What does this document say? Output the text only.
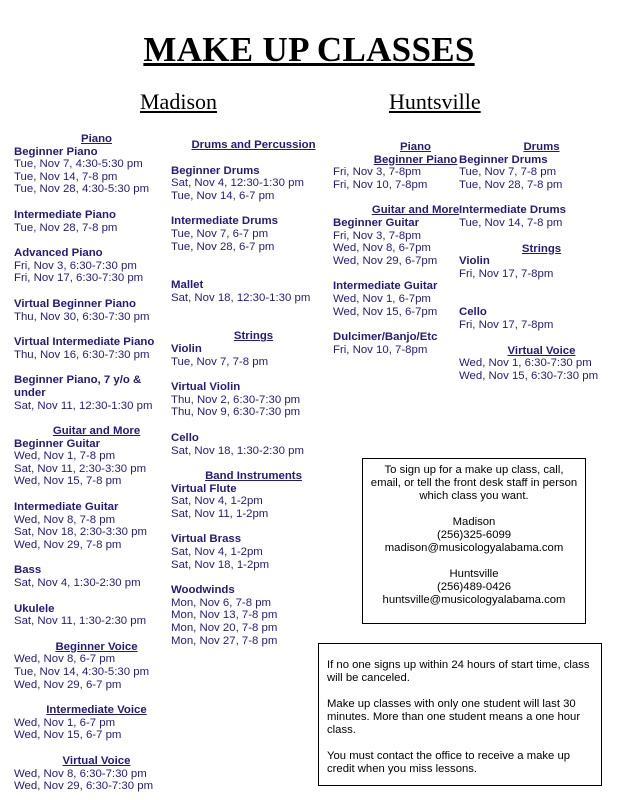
MAKE UP CLASSES
Madison	Huntsville
Piano
Beginner Piano
Tue, Nov 7, 4:30-5:30 pm
Tue, Nov 14, 7-8 pm
Tue, Nov 28, 4:30-5:30 pm
Intermediate Piano
Tue, Nov 28, 7-8 pm
Advanced Piano
Fri, Nov 3, 6:30-7:30 pm
Fri, Nov 17, 6:30-7:30 pm
Virtual Beginner Piano
Thu, Nov 30, 6:30-7:30 pm
Virtual Intermediate Piano
Thu, Nov 16, 6:30-7:30 pm
Beginner Piano, 7 y/o &
under
Sat, Nov 11, 12:30-1:30 pm
Guitar and More
Beginner Guitar
Wed, Nov 1, 7-8 pm
Sat, Nov 11, 2:30-3:30 pm
Wed, Nov 15, 7-8 pm
Intermediate Guitar
Wed, Nov 8, 7-8 pm
Sat, Nov 18, 2:30-3:30 pm
Wed, Nov 29, 7-8 pm
Bass
Sat, Nov 4, 1:30-2:30 pm
Ukulele
Sat, Nov 11, 1:30-2:30 pm
Beginner Voice
Wed, Nov 8, 6-7 pm
Tue, Nov 14, 4:30-5:30 pm
Wed, Nov 29, 6-7 pm
Intermediate Voice
Wed, Nov 1, 6-7 pm
Wed, Nov 15, 6-7 pm
Virtual Voice
Wed, Nov 8, 6:30-7:30 pm
Wed, Nov 29, 6:30-7:30 pm
Drums and Percussion
Beginner Drums
Sat, Nov 4, 12:30-1:30 pm
Tue, Nov 14, 6-7 pm
Intermediate Drums
Tue, Nov 7, 6-7 pm
Tue, Nov 28, 6-7 pm
Mallet
Sat, Nov 18, 12:30-1:30 pm
Strings
Violin
Tue, Nov 7, 7-8 pm
Virtual Violin
Thu, Nov 2, 6:30-7:30 pm
Thu, Nov 9, 6:30-7:30 pm
Cello
Sat, Nov 18, 1:30-2:30 pm
Band Instruments
Virtual Flute
Sat, Nov 4, 1-2pm
Sat, Nov 11, 1-2pm
Virtual Brass
Sat, Nov 4, 1-2pm
Sat, Nov 18, 1-2pm
Woodwinds
Mon, Nov 6, 7-8 pm
Mon, Nov 13, 7-8 pm
Mon, Nov 20, 7-8 pm
Mon, Nov 27, 7-8 pm
Piano
Beginner Piano
Fri, Nov 3, 7-8pm
Fri, Nov 10, 7-8pm
Guitar and More
Beginner Guitar
Fri, Nov 3, 7-8pm
Wed, Nov 8, 6-7pm
Wed, Nov 29, 6-7pm
Intermediate Guitar
Wed, Nov 1, 6-7pm
Wed, Nov 15, 6-7pm
Dulcimer/Banjo/Etc
Fri, Nov 10, 7-8pm
Drums
Beginner Drums
Tue, Nov 7, 7-8 pm
Tue, Nov 28, 7-8 pm
Intermediate Drums
Tue, Nov 14, 7-8 pm
Strings
Violin
Fri, Nov 17, 7-8pm
Cello
Fri, Nov 17, 7-8pm
Virtual Voice
Wed, Nov 1, 6:30-7:30 pm
Wed, Nov 15, 6:30-7:30 pm
To sign up for a make up class, call,
email, or tell the front desk staff in person
which class you want.
Madison
(256)325-6099
madison@musicologyalabama.com
Huntsville
(256)489-0426
huntsville@musicologyalabama.com
If no one signs up within 24 hours of start time, class
will be canceled.
Make up classes with only one student will last 30
minutes. More than one student means a one hour
class.
You must contact the office to receive a make up
credit when you miss lessons.
